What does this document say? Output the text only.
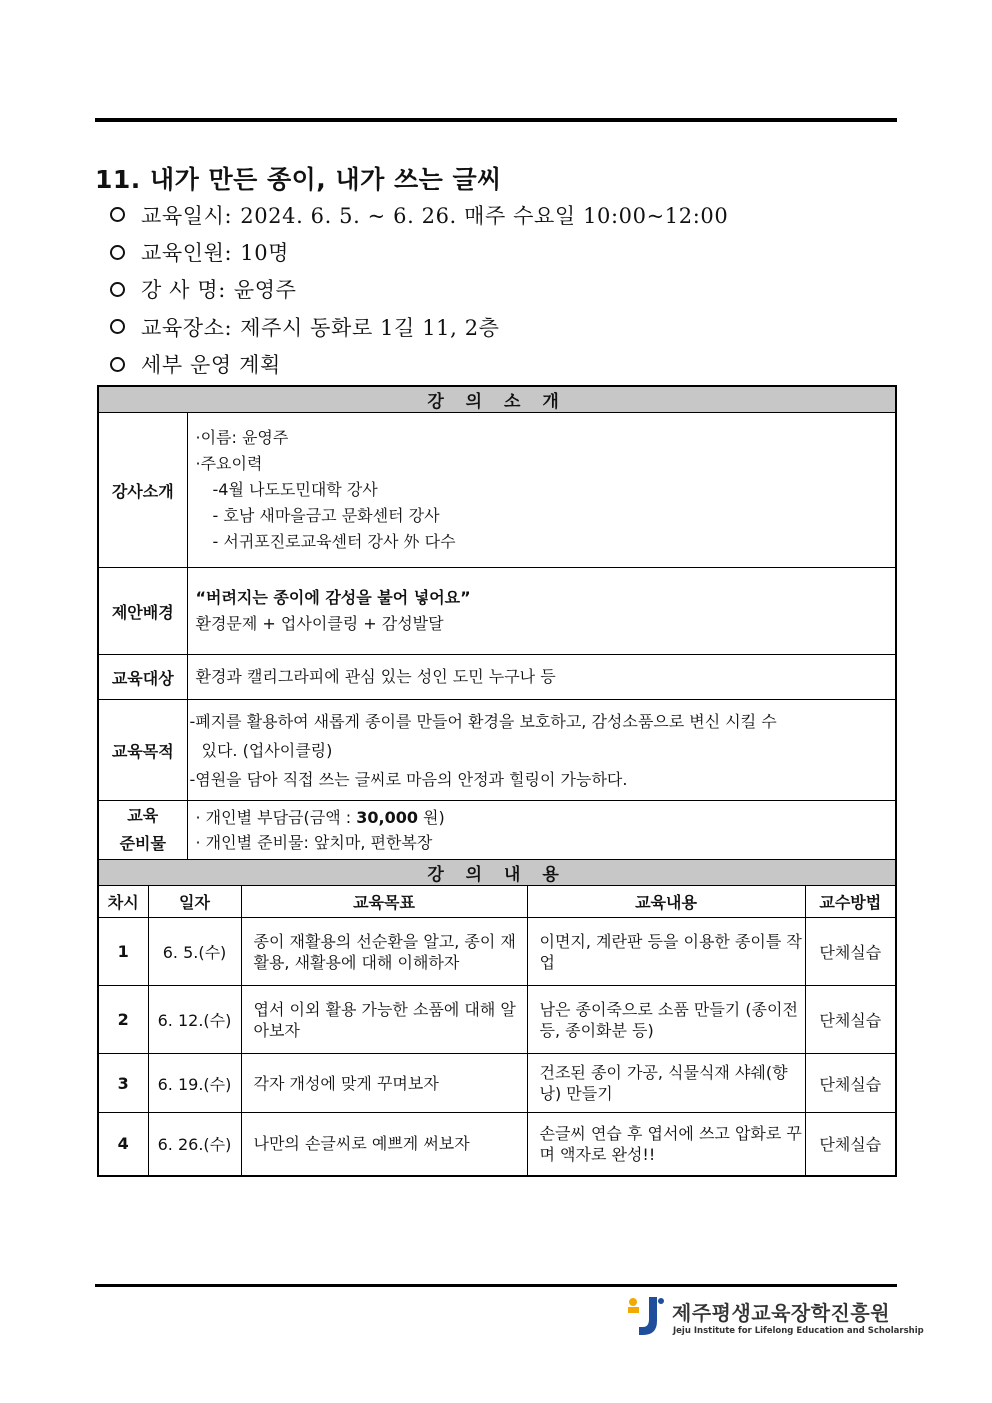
11. 내가 만든 종이, 내가 쓰는 글씨
교육일시: 2024. 6. 5. ~ 6. 26. 매주 수요일 10:00~12:00
교육인원: 10명
강 사 명: 윤영주
교육장소: 제주시 동화로 1길 11, 2층
세부 운영 계획
강 의 소 개					
강사소개		·이름: 윤영주
·주요이력
-4월 나도도민대학 강사
- 호남 새마을금고 문화센터 강사
- 서귀포진로교육센터 강사 外 다수			

제안배경		“버려지는 종이에 감성을 불어 넣어요”
환경문제 + 업사이클링 + 감성발달			

교육대상		환경과 캘리그라피에 관심 있는 성인 도민 누구나 등			
교육목적		-폐지를 활용하여 새롭게 종이를 만들어 환경을 보호하고, 감성소품으로 변신 시킬 수
있다. (업사이클링)
-염원을 담아 직접 쓰는 글씨로 마음의 안정과 힐링이 가능하다.			

교육
준비물		· 개인별 부담금(금액 : 30,000 원)
· 개인별 준비물: 앞치마, 편한복장			

강 의 내 용					
차시	일자		교육목표	교육내용	교수방법
1	6. 5.(수)		종이 재활용의 선순환을 알고, 종이 재활용, 새활용에 대해 이해하자	이면지, 계란판 등을 이용한 종이틀 작업	단체실습
2	6. 12.(수)		엽서 이외 활용 가능한 소품에 대해 알아보자	남은 종이죽으로 소품 만들기 (종이전등, 종이화분 등)	단체실습
3	6. 19.(수)		각자 개성에 맞게 꾸며보자	건조된 종이 가공, 식물식재 샤쉐(향낭) 만들기	단체실습
4	6. 26.(수)		나만의 손글씨로 예쁘게 써보자	손글씨 연습 후 엽서에 쓰고 압화로 꾸며 액자로 완성!!	단체실습
제주평생교육장학진흥원
Jeju Institute for Lifelong Education and Scholarship
